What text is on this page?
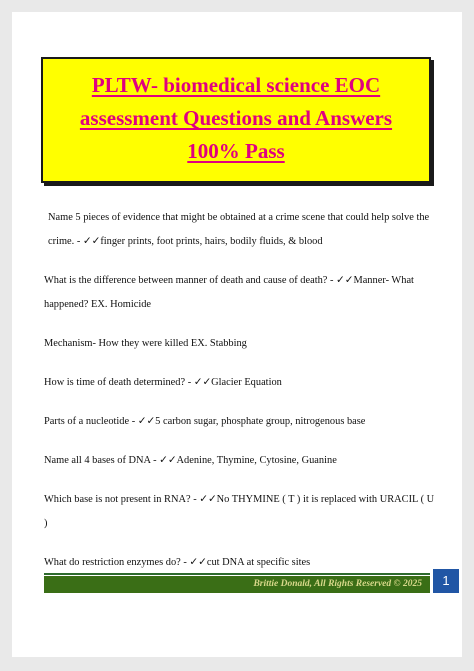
PLTW- biomedical science EOC
assessment Questions and Answers
100% Pass

Name 5 pieces of evidence that might be obtained at a crime scene that could help solve the crime. - ✓✓finger prints, foot prints, hairs, bodily fluids, & blood

What is the difference between manner of death and cause of death? - ✓✓Manner- What happened? EX. Homicide

Mechanism- How they were killed EX. Stabbing

How is time of death determined? - ✓✓Glacier Equation

Parts of a nucleotide - ✓✓5 carbon sugar, phosphate group, nitrogenous base

Name all 4 bases of DNA - ✓✓Adenine, Thymine, Cytosine, Guanine

Which base is not present in RNA? - ✓✓No THYMINE ( T ) it is replaced with URACIL ( U )

What do restriction enzymes do? - ✓✓cut DNA at specific sites

Brittie Donald, All Rights Reserved © 2025	1
